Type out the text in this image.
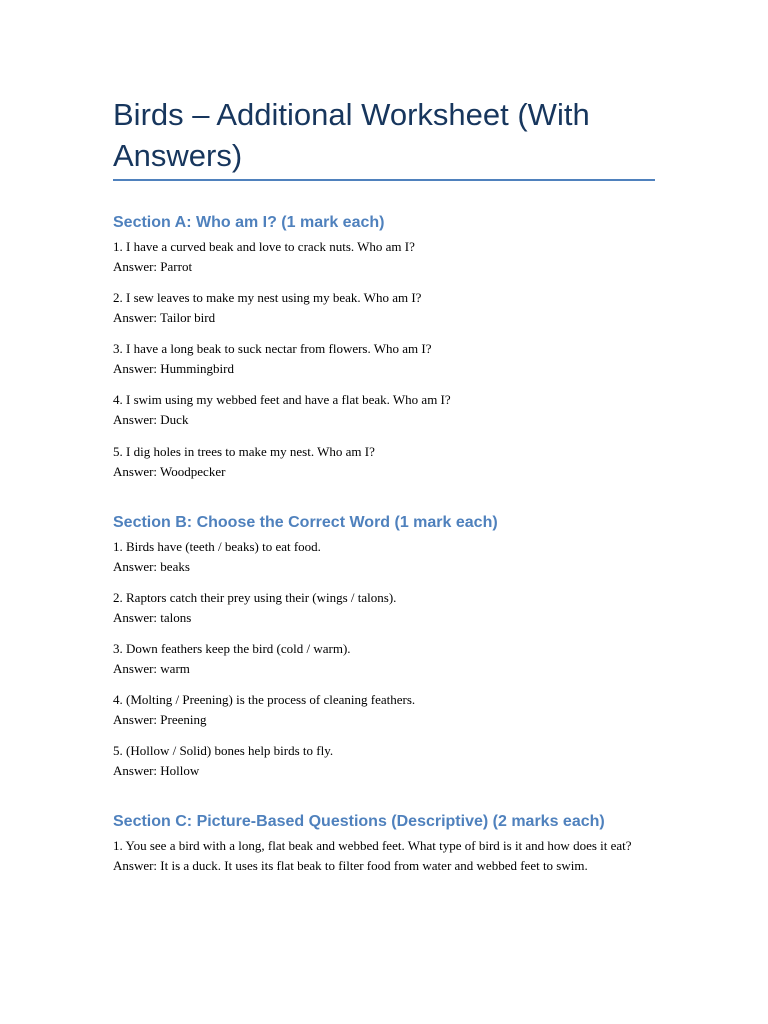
Birds – Additional Worksheet (With Answers)
Section A: Who am I? (1 mark each)

1. I have a curved beak and love to crack nuts. Who am I?

Answer: Parrot

2. I sew leaves to make my nest using my beak. Who am I?

Answer: Tailor bird

3. I have a long beak to suck nectar from flowers. Who am I?

Answer: Hummingbird

4. I swim using my webbed feet and have a flat beak. Who am I?

Answer: Duck

5. I dig holes in trees to make my nest. Who am I?

Answer: Woodpecker

Section B: Choose the Correct Word (1 mark each)

1. Birds have (teeth / beaks) to eat food.

Answer: beaks

2. Raptors catch their prey using their (wings / talons).

Answer: talons

3. Down feathers keep the bird (cold / warm).

Answer: warm

4. (Molting / Preening) is the process of cleaning feathers.

Answer: Preening

5. (Hollow / Solid) bones help birds to fly.

Answer: Hollow

Section C: Picture-Based Questions (Descriptive) (2 marks each)

1. You see a bird with a long, flat beak and webbed feet. What type of bird is it and how does it eat?

Answer: It is a duck. It uses its flat beak to filter food from water and webbed feet to swim.
